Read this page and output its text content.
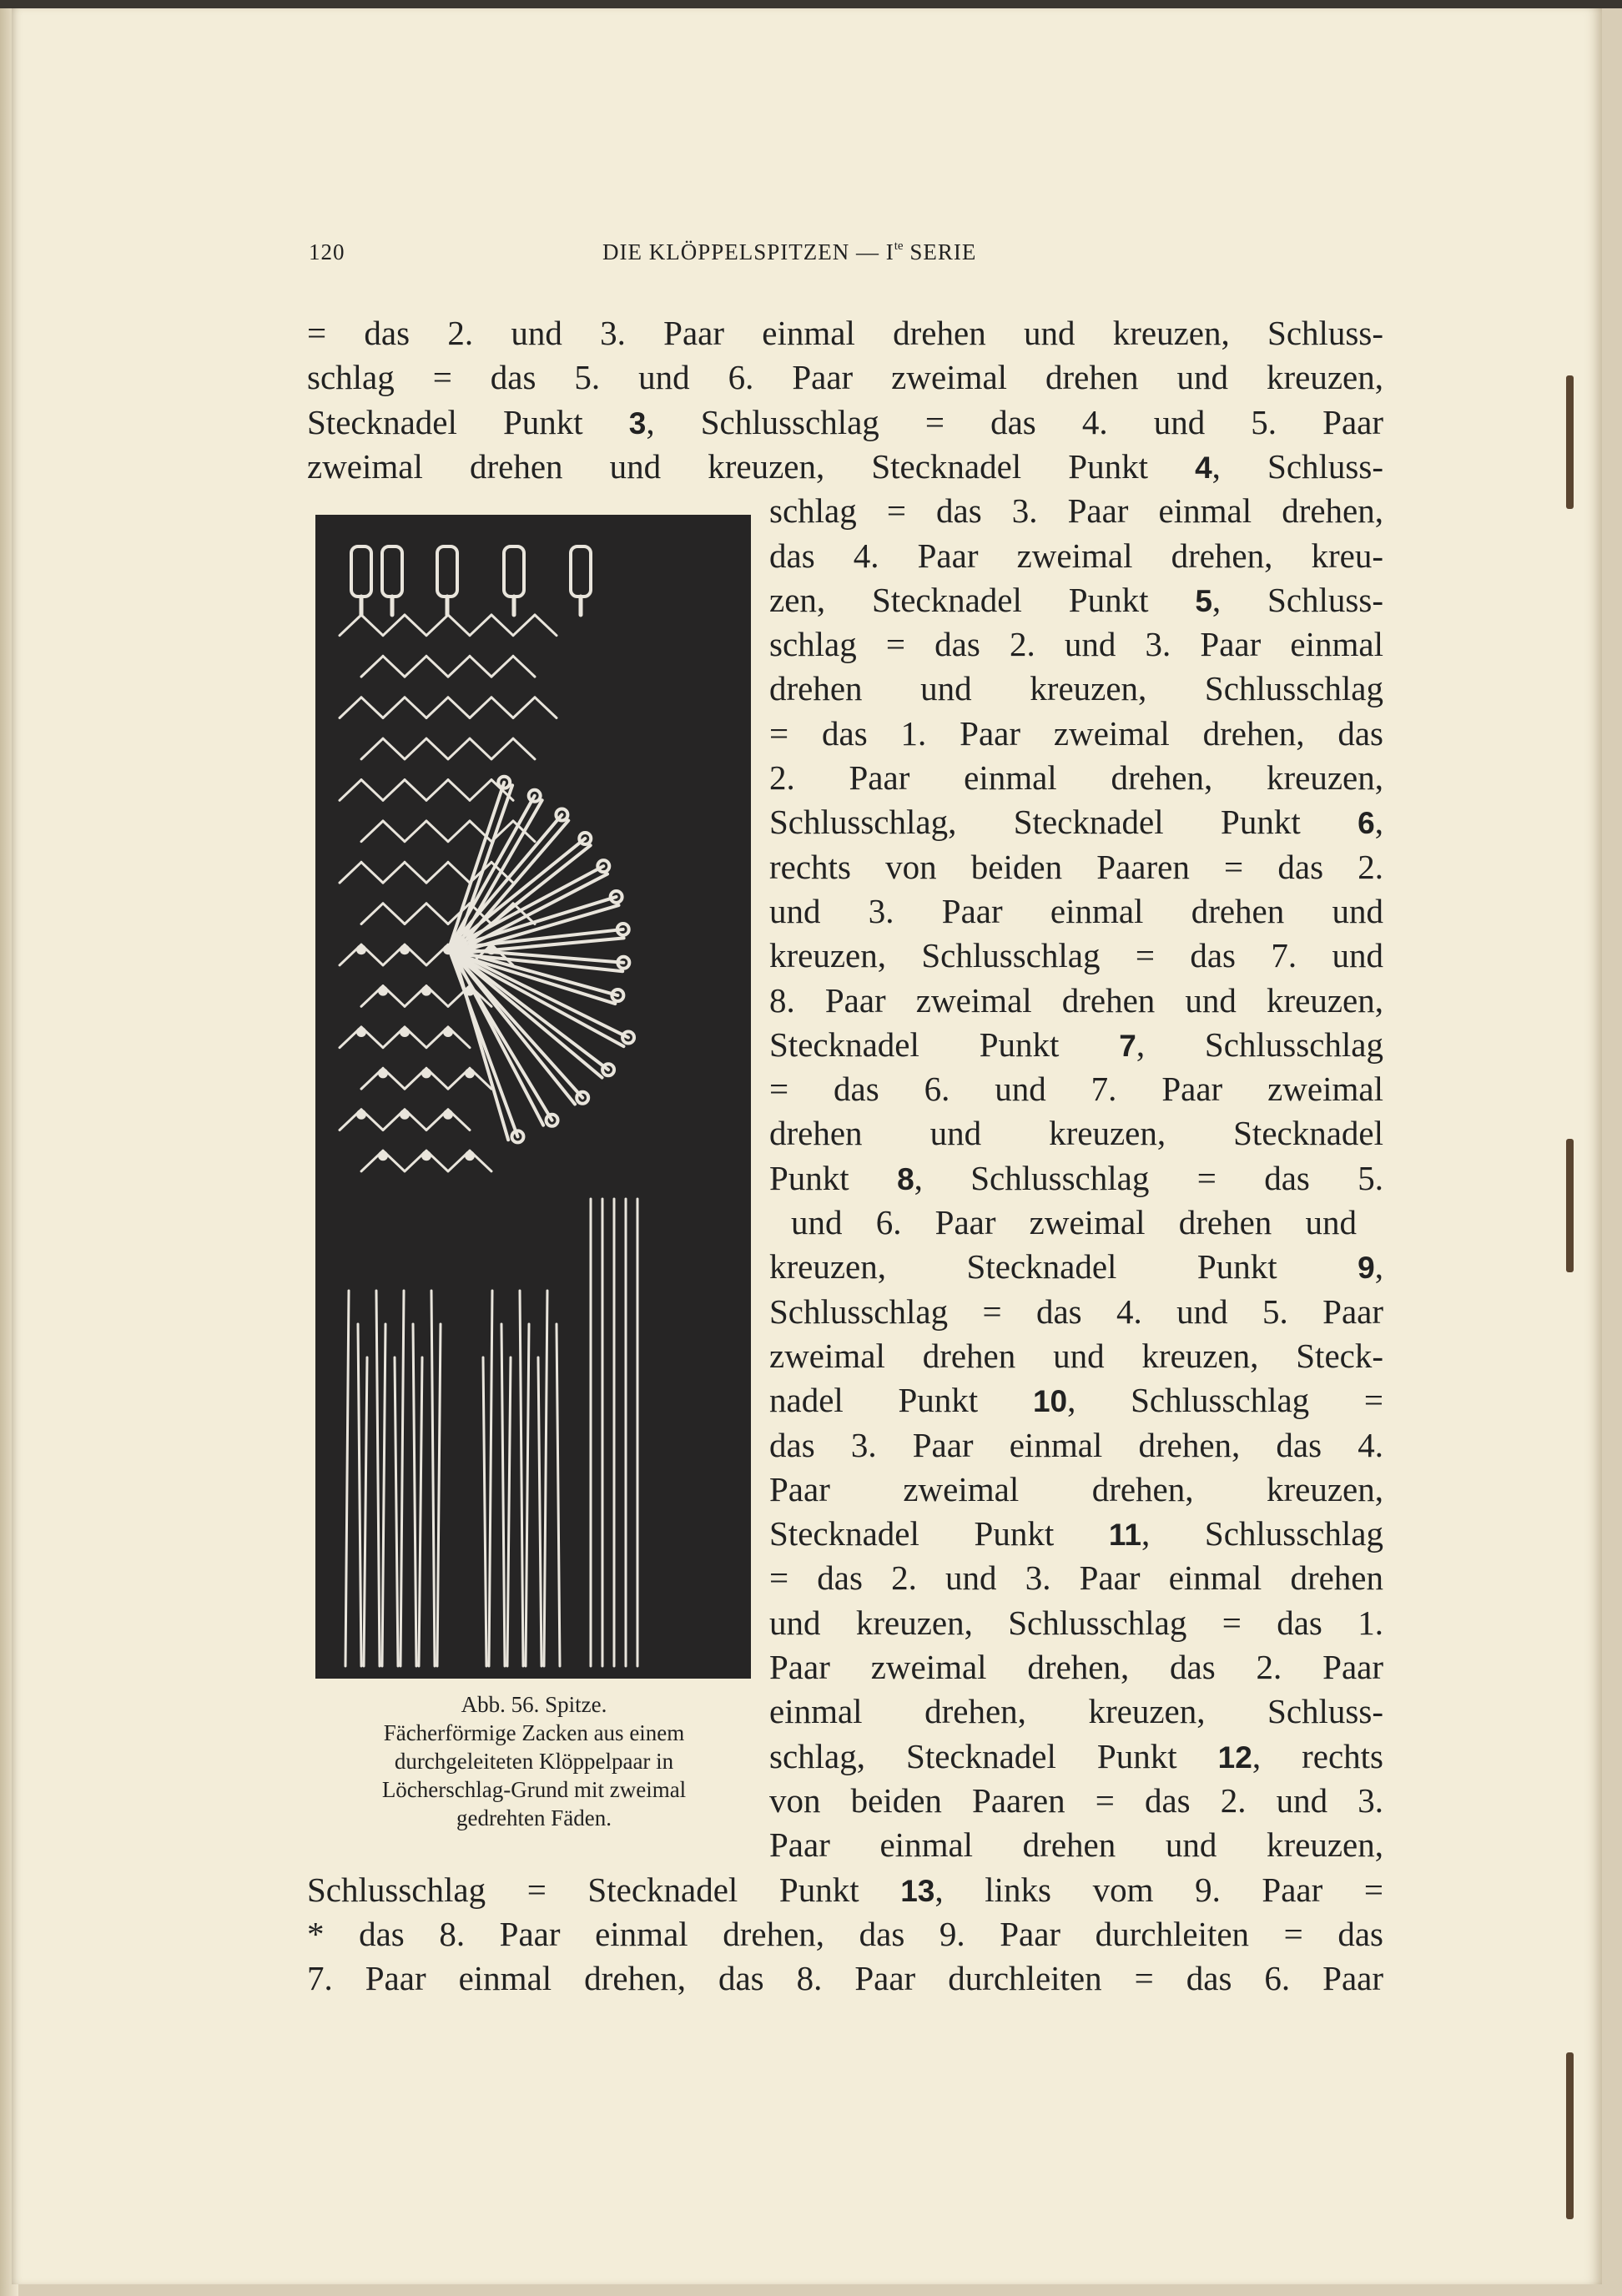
120	DIE KLÖPPELSPITZEN — $I^{te}$ SERIE
= das 2. und 3. Paar einmal drehen und kreuzen, Schluss-
schlag = das 5. und 6. Paar zweimal drehen und kreuzen,
Stecknadel Punkt 3, Schlusschlag = das 4. und 5. Paar
zweimal drehen und kreuzen, Stecknadel Punkt 4, Schluss-
schlag = das 3. Paar einmal drehen,
das 4. Paar zweimal drehen, kreu-
zen, Stecknadel Punkt 5, Schluss-
schlag = das 2. und 3. Paar einmal
drehen und kreuzen, Schlusschlag
= das 1. Paar zweimal drehen, das
2. Paar einmal drehen, kreuzen,
Schlusschlag, Stecknadel Punkt 6,
rechts von beiden Paaren = das 2.
und 3. Paar einmal drehen und
kreuzen, Schlusschlag = das 7. und
8. Paar zweimal drehen und kreuzen,
Stecknadel Punkt 7, Schlusschlag
= das 6. und 7. Paar zweimal
drehen und kreuzen, Stecknadel
Punkt 8, Schlusschlag = das 5.
und 6. Paar zweimal drehen und
kreuzen, Stecknadel Punkt 9,
Schlusschlag = das 4. und 5. Paar
zweimal drehen und kreuzen, Steck-
nadel Punkt 10, Schlusschlag =
das 3. Paar einmal drehen, das 4.
Paar zweimal drehen, kreuzen,
Stecknadel Punkt 11, Schlusschlag
= das 2. und 3. Paar einmal drehen
und kreuzen, Schlusschlag = das 1.
Paar zweimal drehen, das 2. Paar
einmal drehen, kreuzen, Schluss-
schlag, Stecknadel Punkt 12, rechts
von beiden Paaren = das 2. und 3.
Paar einmal drehen und kreuzen,
Schlusschlag = Stecknadel Punkt 13, links vom 9. Paar =
* das 8. Paar einmal drehen, das 9. Paar durchleiten = das
7. Paar einmal drehen, das 8. Paar durchleiten = das 6. Paar
Abb. 56. Spitze.
Fächerförmige Zacken aus einem
durchgeleiteten Klöppelpaar in
Löcherschlag-Grund mit zweimal
gedrehten Fäden.
